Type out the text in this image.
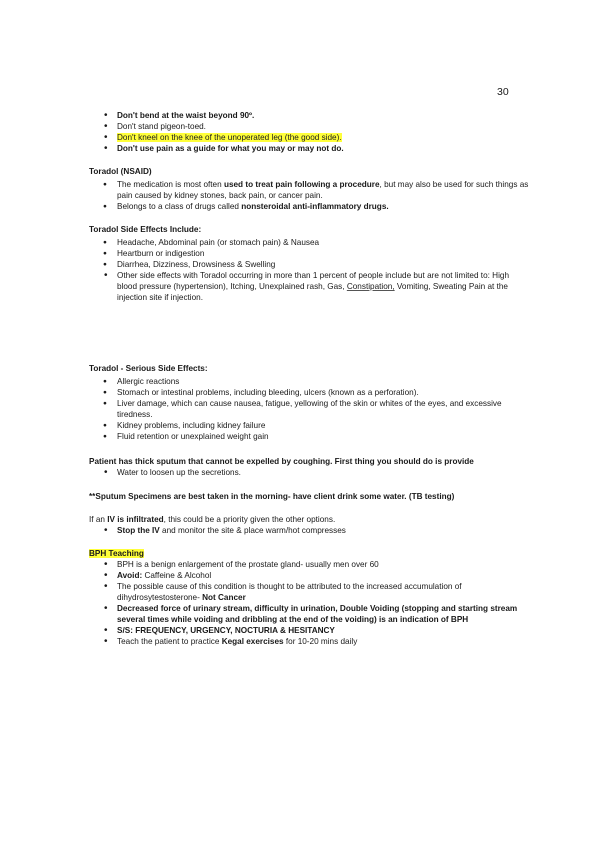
30
• Don't bend at the waist beyond 90º.
• Don't stand pigeon-toed.
• Don't kneel on the knee of the unoperated leg (the good side).
• Don't use pain as a guide for what you may or may not do.
Toradol (NSAID)
● The medication is most often used to treat pain following a procedure, but may also be used for such things as pain caused by kidney stones, back pain, or cancer pain.
● Belongs to a class of drugs called nonsteroidal anti-inflammatory drugs.
Toradol Side Effects Include:
● Headache, Abdominal pain (or stomach pain) & Nausea
● Heartburn or indigestion
● Diarrhea, Dizziness, Drowsiness & Swelling
• Other side effects with Toradol occurring in more than 1 percent of people include but are not limited to: High blood pressure (hypertension), Itching, Unexplained rash, Gas, Constipation, Vomiting, Sweating Pain at the injection site if injection.
Toradol - Serious Side Effects:
● Allergic reactions
● Stomach or intestinal problems, including bleeding, ulcers (known as a perforation).
● Liver damage, which can cause nausea, fatigue, yellowing of the skin or whites of the eyes, and excessive tiredness.
● Kidney problems, including kidney failure
● Fluid retention or unexplained weight gain
Patient has thick sputum that cannot be expelled by coughing. First thing you should do is provide
• Water to loosen up the secretions.
**Sputum Specimens are best taken in the morning- have client drink some water. (TB testing)
If an IV is infiltrated, this could be a priority given the other options.
• Stop the IV and monitor the site & place warm/hot compresses
BPH Teaching
• BPH is a benign enlargement of the prostate gland- usually men over 60
• Avoid: Caffeine & Alcohol
• The possible cause of this condition is thought to be attributed to the increased accumulation of dihydrosytestosterone- Not Cancer
• Decreased force of urinary stream, difficulty in urination, Double Voiding (stopping and starting stream several times while voiding and dribbling at the end of the voiding) is an indication of BPH
• S/S: FREQUENCY, URGENCY, NOCTURIA & HESITANCY
• Teach the patient to practice Kegal exercises for 10-20 mins daily
